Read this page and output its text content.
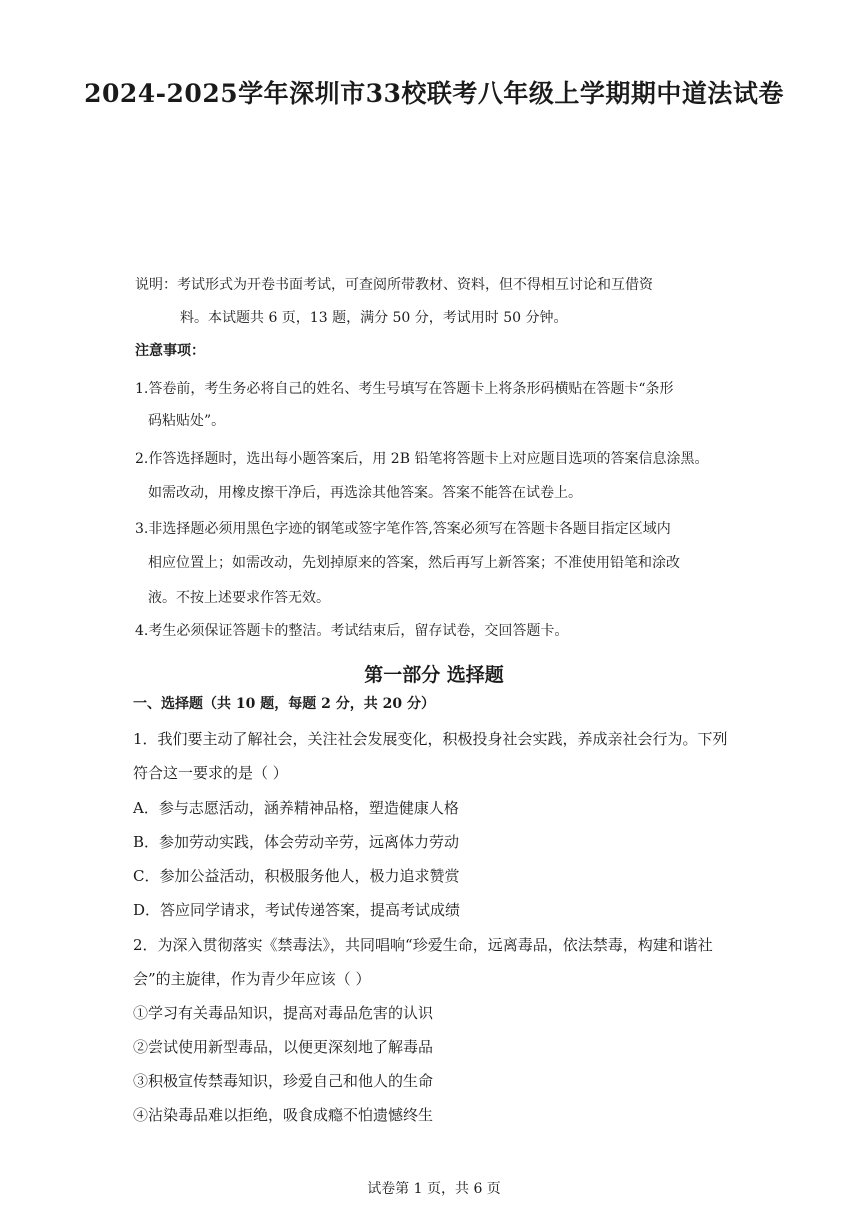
2024-2025学年深圳市33校联考八年级上学期期中道法试卷
说明：考试形式为开卷书面考试，可查阅所带教材、资料，但不得相互讨论和互借资
料。本试题共 6 页，13 题，满分 50 分，考试用时 50 分钟。
注意事项：
1.答卷前，考生务必将自己的姓名、考生号填写在答题卡上将条形码横贴在答题卡“条形
码粘贴处”。
2.作答选择题时，选出每小题答案后，用 2B 铅笔将答题卡上对应题目选项的答案信息涂黑。
如需改动，用橡皮擦干净后，再选涂其他答案。答案不能答在试卷上。
3.非选择题必须用黑色字迹的钢笔或签字笔作答,答案必须写在答题卡各题目指定区域内
相应位置上；如需改动，先划掉原来的答案，然后再写上新答案；不准使用铅笔和涂改
液。不按上述要求作答无效。
4.考生必须保证答题卡的整洁。考试结束后，留存试卷，交回答题卡。
第一部分 选择题
一、选择题（共 10 题，每题 2 分，共 20 分）
1．我们要主动了解社会，关注社会发展变化，积极投身社会实践，养成亲社会行为。下列
符合这一要求的是（ ）
A．参与志愿活动，涵养精神品格，塑造健康人格
B．参加劳动实践，体会劳动辛劳，远离体力劳动
C．参加公益活动，积极服务他人，极力追求赞赏
D．答应同学请求，考试传递答案，提高考试成绩
2．为深入贯彻落实《禁毒法》，共同唱响“珍爱生命，远离毒品，依法禁毒，构建和谐社
会”的主旋律，作为青少年应该（ ）
①学习有关毒品知识，提高对毒品危害的认识
②尝试使用新型毒品，以便更深刻地了解毒品
③积极宣传禁毒知识，珍爱自己和他人的生命
④沾染毒品难以拒绝，吸食成瘾不怕遗憾终生
试卷第 1 页，共 6 页
